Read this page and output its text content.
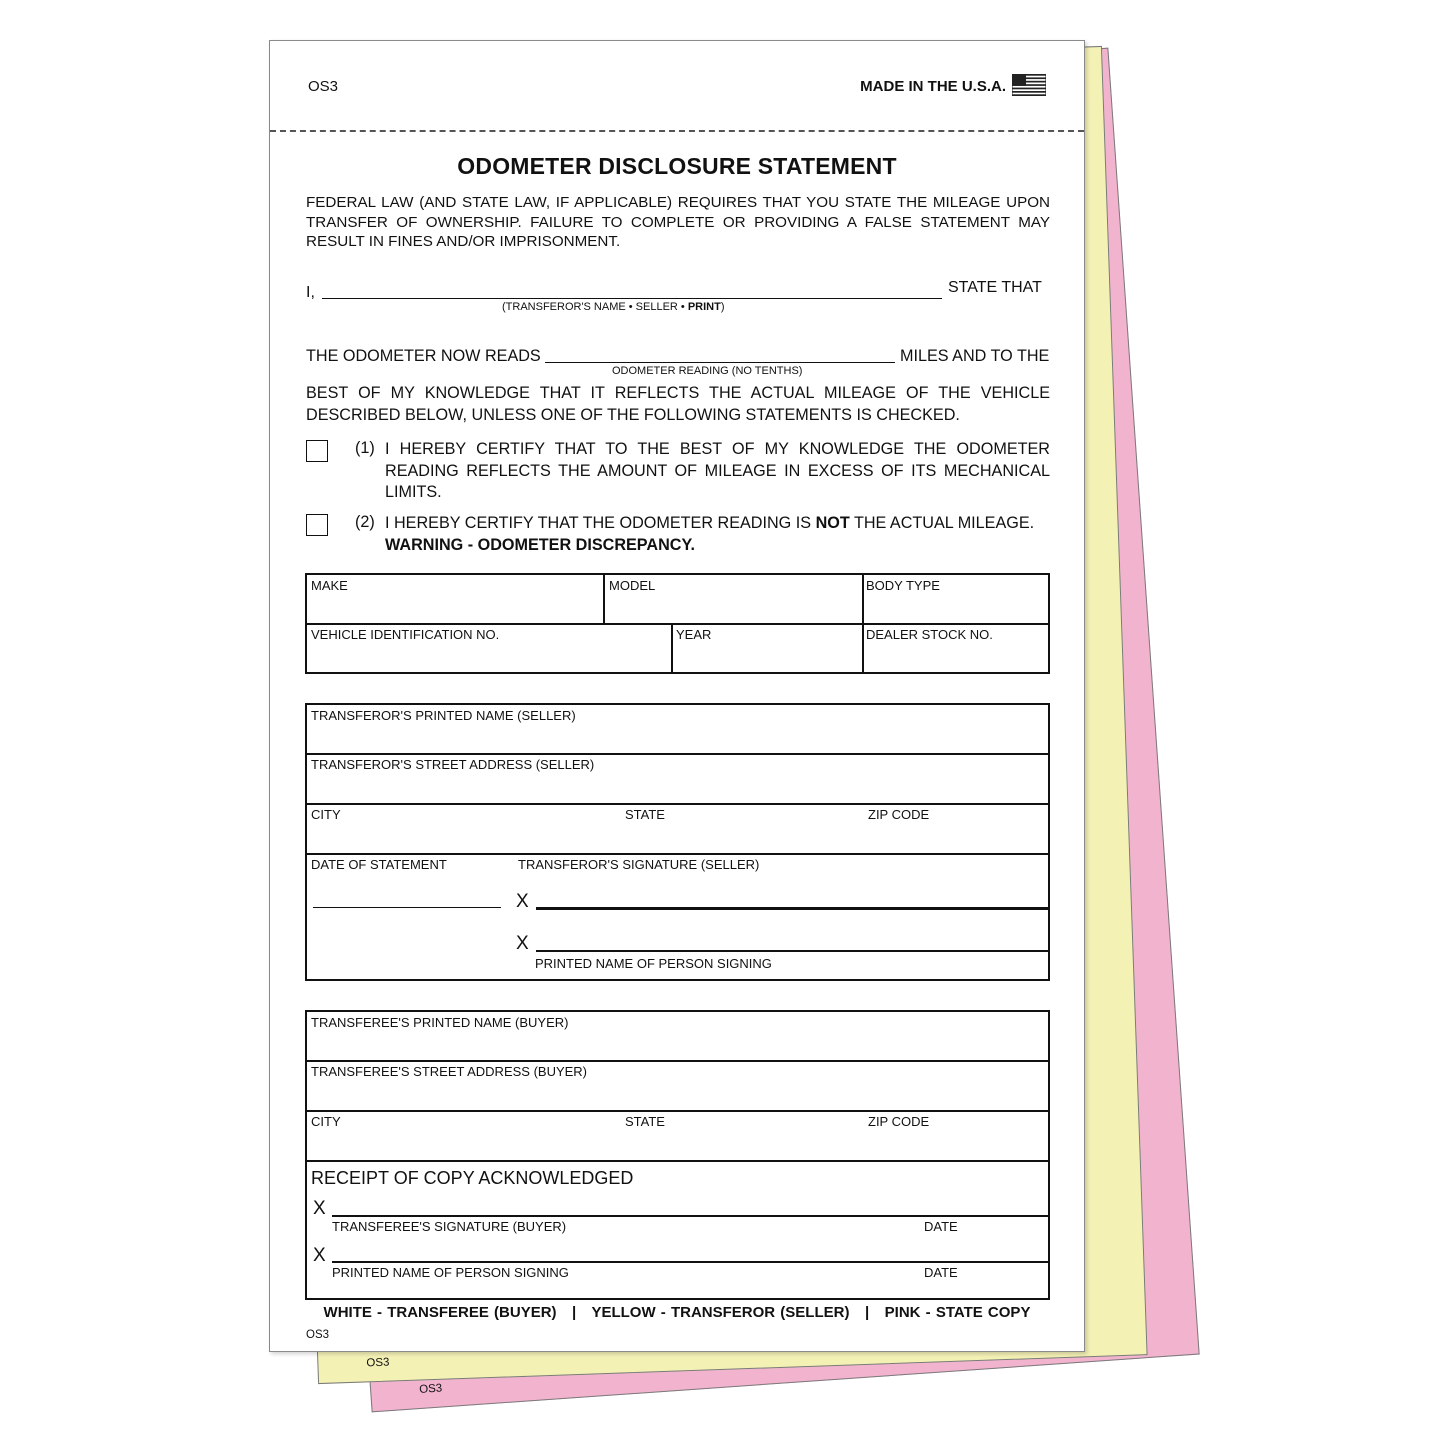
OS3
OS3
OS3	MADE IN THE U.S.A.
ODOMETER DISCLOSURE STATEMENT
FEDERAL LAW (AND STATE LAW, IF APPLICABLE) REQUIRES THAT YOU STATE THE MILEAGE UPON TRANSFER OF OWNERSHIP. FAILURE TO COMPLETE OR PROVIDING A FALSE STATEMENT MAY RESULT IN FINES AND/OR IMPRISONMENT.
I,	STATE THAT
(TRANSFEROR'S NAME • SELLER • PRINT)
THE ODOMETER NOW READS	MILES AND TO THE
ODOMETER READING (NO TENTHS)
BEST OF MY KNOWLEDGE THAT IT REFLECTS THE ACTUAL MILEAGE OF THE VEHICLE DESCRIBED BELOW, UNLESS ONE OF THE FOLLOWING STATEMENTS IS CHECKED.
(1) I HEREBY CERTIFY THAT TO THE BEST OF MY KNOWLEDGE THE ODOMETER READING REFLECTS THE AMOUNT OF MILEAGE IN EXCESS OF ITS MECHANICAL LIMITS.
(2) I HEREBY CERTIFY THAT THE ODOMETER READING IS NOT THE ACTUAL MILEAGE.
WARNING - ODOMETER DISCREPANCY.
MAKE	MODEL	BODY TYPE
VEHICLE IDENTIFICATION NO.	YEAR	DEALER STOCK NO.
TRANSFEROR'S PRINTED NAME (SELLER)
TRANSFEROR'S STREET ADDRESS (SELLER)
CITY	STATE	ZIP CODE
DATE OF STATEMENT	TRANSFEROR'S SIGNATURE (SELLER)
X
X
PRINTED NAME OF PERSON SIGNING
TRANSFEREE'S PRINTED NAME (BUYER)
TRANSFEREE'S STREET ADDRESS (BUYER)
CITY	STATE	ZIP CODE
RECEIPT OF COPY ACKNOWLEDGED
X
TRANSFEREE'S SIGNATURE (BUYER)	DATE
X
PRINTED NAME OF PERSON SIGNING	DATE
WHITE - TRANSFEREE (BUYER)   |   YELLOW - TRANSFEROR (SELLER)   |   PINK - STATE COPY
OS3
